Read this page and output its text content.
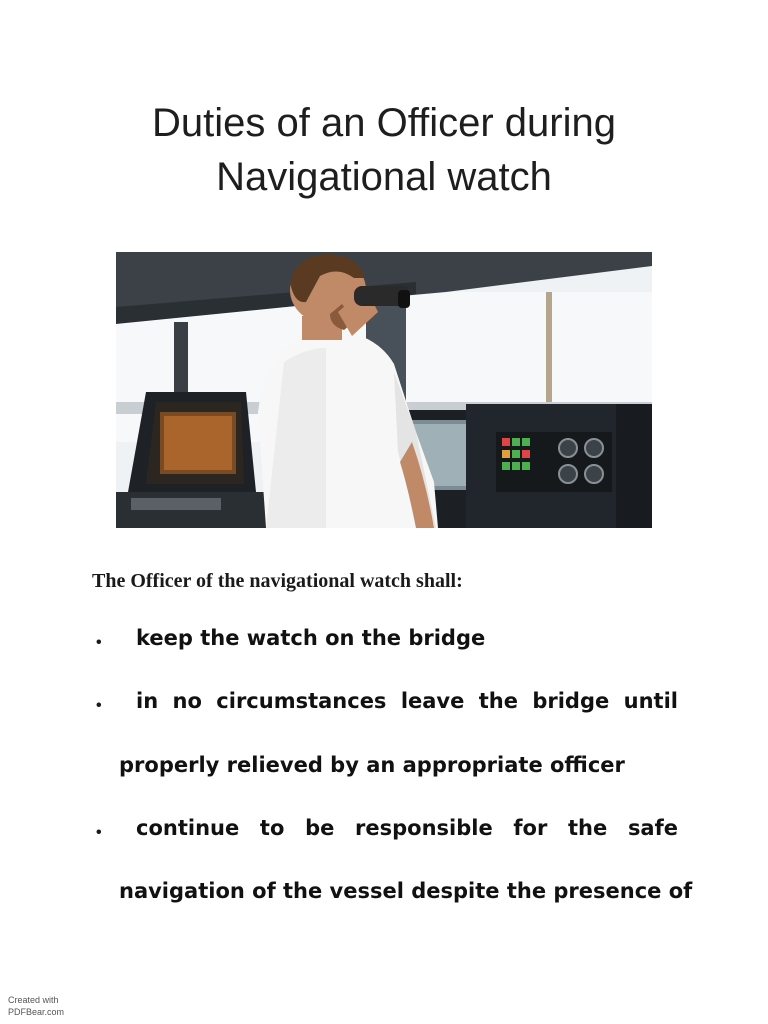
Duties of an Officer during
Navigational watch
The Officer of the navigational watch shall:
• keep the watch on the bridge
• in no circumstances leave the bridge until
properly relieved by an appropriate officer
• continue to be responsible for the safe
navigation of the vessel despite the presence of
Created with
PDFBear.com
